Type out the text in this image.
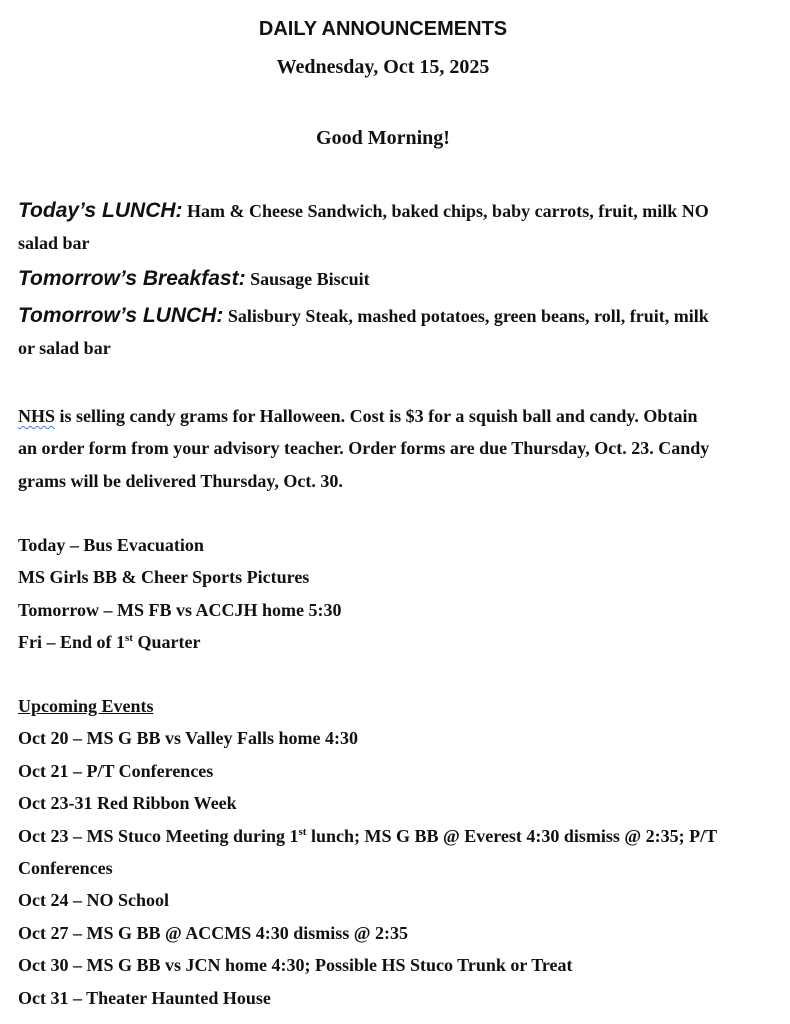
DAILY ANNOUNCEMENTS
Wednesday, Oct 15, 2025
Good Morning!
Today’s LUNCH: Ham & Cheese Sandwich, baked chips, baby carrots, fruit, milk NO
salad bar
Tomorrow’s Breakfast: Sausage Biscuit
Tomorrow’s LUNCH: Salisbury Steak, mashed potatoes, green beans, roll, fruit, milk
or salad bar
NHS is selling candy grams for Halloween. Cost is $3 for a squish ball and candy. Obtain
an order form from your advisory teacher. Order forms are due Thursday, Oct. 23. Candy
grams will be delivered Thursday, Oct. 30.
Today – Bus Evacuation
MS Girls BB & Cheer Sports Pictures
Tomorrow – MS FB vs ACCJH home 5:30
Fri – End of 1st Quarter
Upcoming Events
Oct 20 – MS G BB vs Valley Falls home 4:30
Oct 21 – P/T Conferences
Oct 23-31 Red Ribbon Week
Oct 23 – MS Stuco Meeting during 1st lunch; MS G BB @ Everest 4:30 dismiss @ 2:35; P/T
Conferences
Oct 24 – NO School
Oct 27 – MS G BB @ ACCMS 4:30 dismiss @ 2:35
Oct 30 – MS G BB vs JCN home 4:30; Possible HS Stuco Trunk or Treat
Oct 31 – Theater Haunted House
